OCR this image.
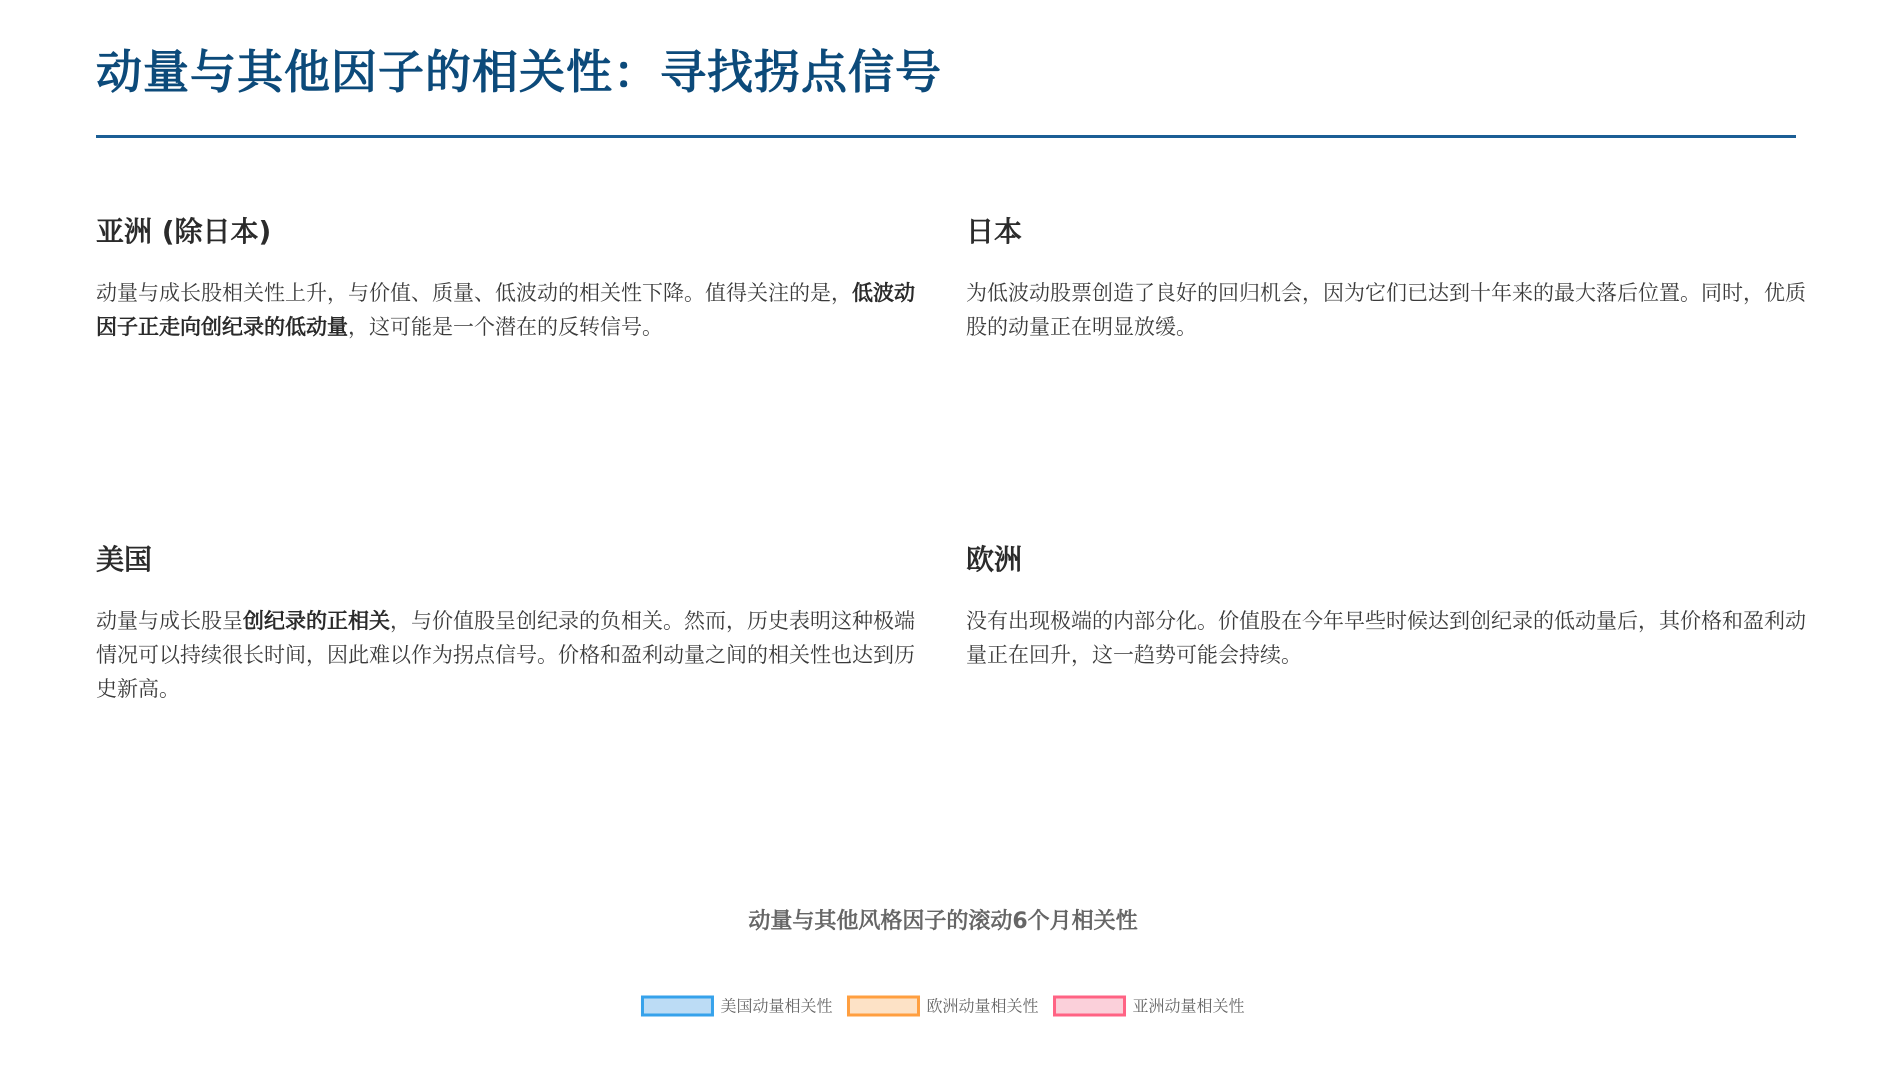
动量与其他因子的相关性：寻找拐点信号
亚洲 (除日本)

动量与成长股相关性上升，与价值、质量、低波动的相关性下降。值得关注的是，低波动因子正走向创纪录的低动量，这可能是一个潜在的反转信号。

日本

为低波动股票创造了良好的回归机会，因为它们已达到十年来的最大落后位置。同时，优质股的动量正在明显放缓。

美国

动量与成长股呈创纪录的正相关，与价值股呈创纪录的负相关。然而，历史表明这种极端情况可以持续很长时间，因此难以作为拐点信号。价格和盈利动量之间的相关性也达到历史新高。

欧洲

没有出现极端的内部分化。价值股在今年早些时候达到创纪录的低动量后，其价格和盈利动量正在回升，这一趋势可能会持续。

动量与其他风格因子的滚动6个月相关性
美国动量相关性	欧洲动量相关性	亚洲动量相关性
